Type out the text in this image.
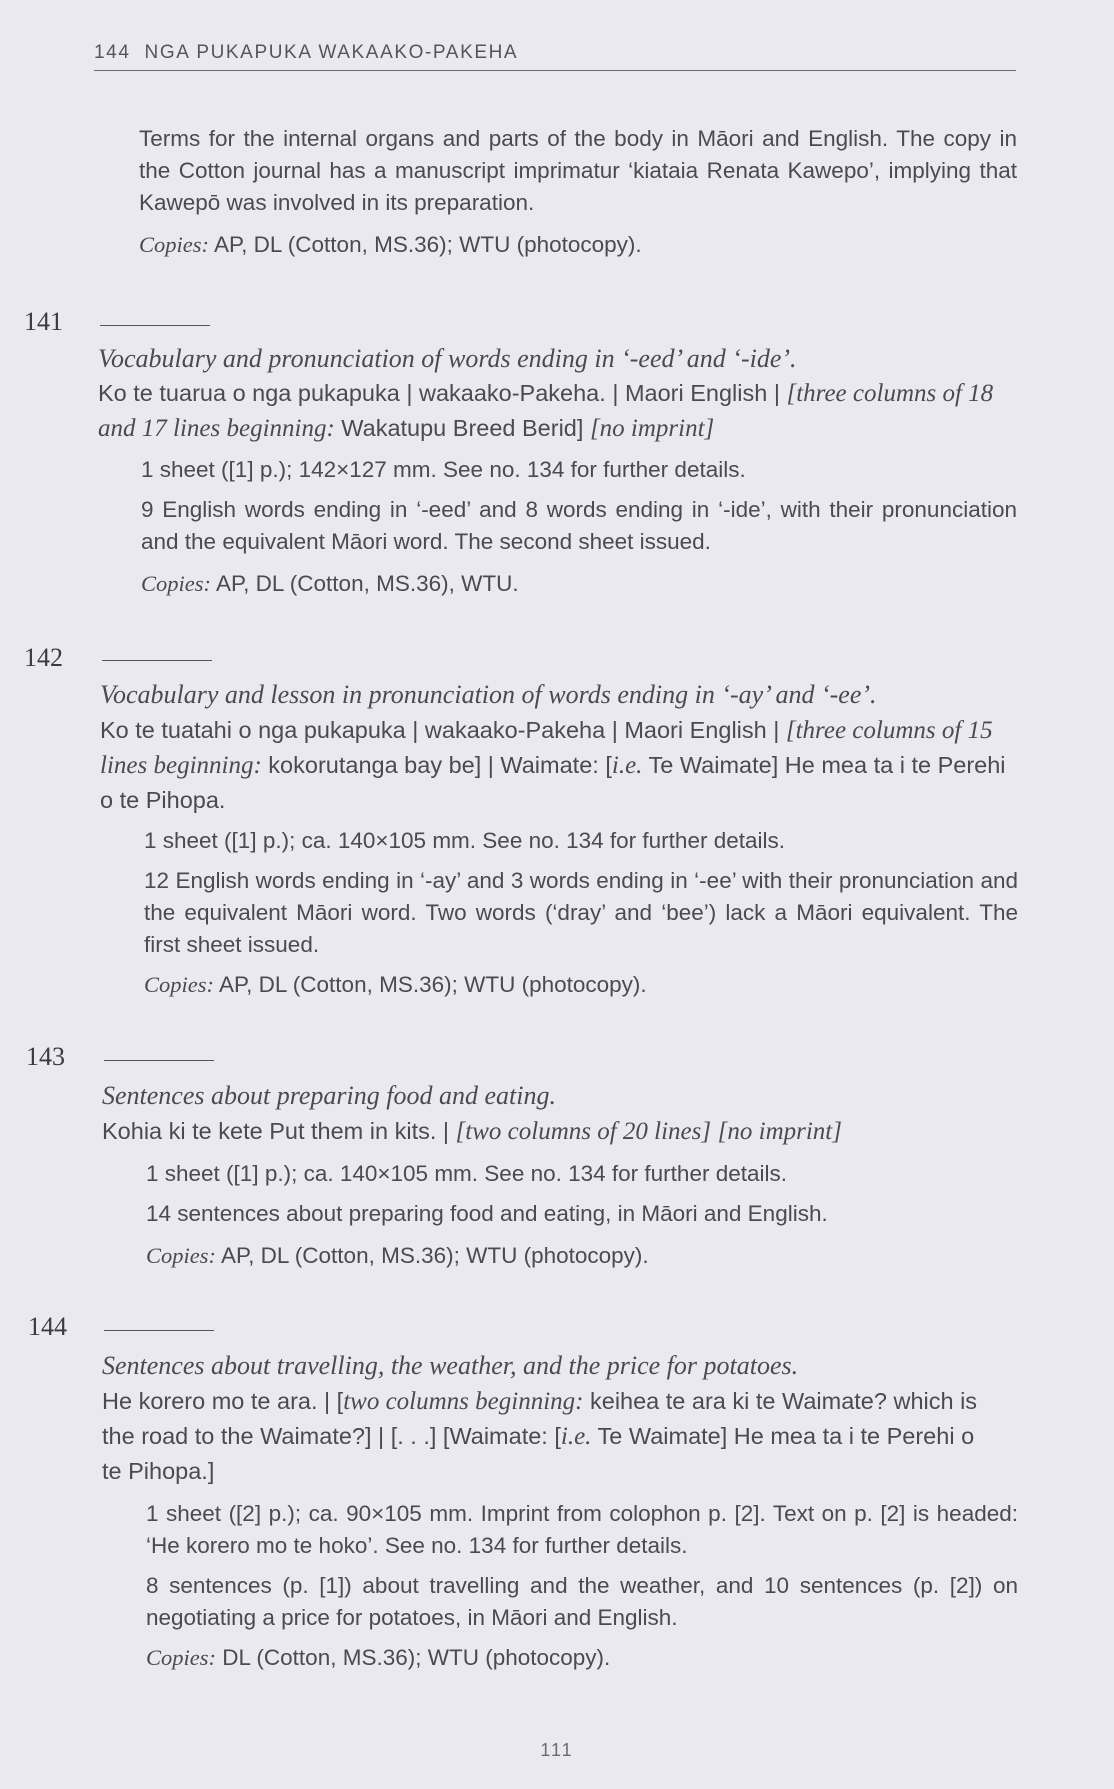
144 NGA PUKAPUKA WAKAAKO-PAKEHA
Terms for the internal organs and parts of the body in Māori and English. The copy in the Cotton journal has a manuscript imprimatur ‘kiataia Renata Kawepo’, implying that Kawepō was involved in its preparation.
Copies: AP, DL (Cotton, MS.36); WTU (photocopy).
141
Vocabulary and pronunciation of words ending in ‘-eed’ and ‘-ide’.
Ko te tuarua o nga pukapuka | wakaako-Pakeha. | Maori English | [three columns of 18 and 17 lines beginning: Wakatupu Breed Berid] [no imprint]
1 sheet ([1] p.); 142×127 mm. See no. 134 for further details.
9 English words ending in ‘-eed’ and 8 words ending in ‘-ide’, with their pronunciation and the equivalent Māori word. The second sheet issued.
Copies: AP, DL (Cotton, MS.36), WTU.
142
Vocabulary and lesson in pronunciation of words ending in ‘-ay’ and ‘-ee’.
Ko te tuatahi o nga pukapuka | wakaako-Pakeha | Maori English | [three columns of 15 lines beginning: kokorutanga bay be] | Waimate: [i.e. Te Waimate] He mea ta i te Perehi o te Pihopa.
1 sheet ([1] p.); ca. 140×105 mm. See no. 134 for further details.
12 English words ending in ‘-ay’ and 3 words ending in ‘-ee’ with their pronunciation and the equivalent Māori word. Two words (‘dray’ and ‘bee’) lack a Māori equivalent. The first sheet issued.
Copies: AP, DL (Cotton, MS.36); WTU (photocopy).
143
Sentences about preparing food and eating.
Kohia ki te kete Put them in kits. | [two columns of 20 lines] [no imprint]
1 sheet ([1] p.); ca. 140×105 mm. See no. 134 for further details.
14 sentences about preparing food and eating, in Māori and English.
Copies: AP, DL (Cotton, MS.36); WTU (photocopy).
144
Sentences about travelling, the weather, and the price for potatoes.
He korero mo te ara. | [two columns beginning: keihea te ara ki te Waimate? which is the road to the Waimate?] | [. . .] [Waimate: [i.e. Te Waimate] He mea ta i te Perehi o te Pihopa.]
1 sheet ([2] p.); ca. 90×105 mm. Imprint from colophon p. [2]. Text on p. [2] is headed: ‘He korero mo te hoko’. See no. 134 for further details.
8 sentences (p. [1]) about travelling and the weather, and 10 sentences (p. [2]) on negotiating a price for potatoes, in Māori and English.
Copies: DL (Cotton, MS.36); WTU (photocopy).
111
